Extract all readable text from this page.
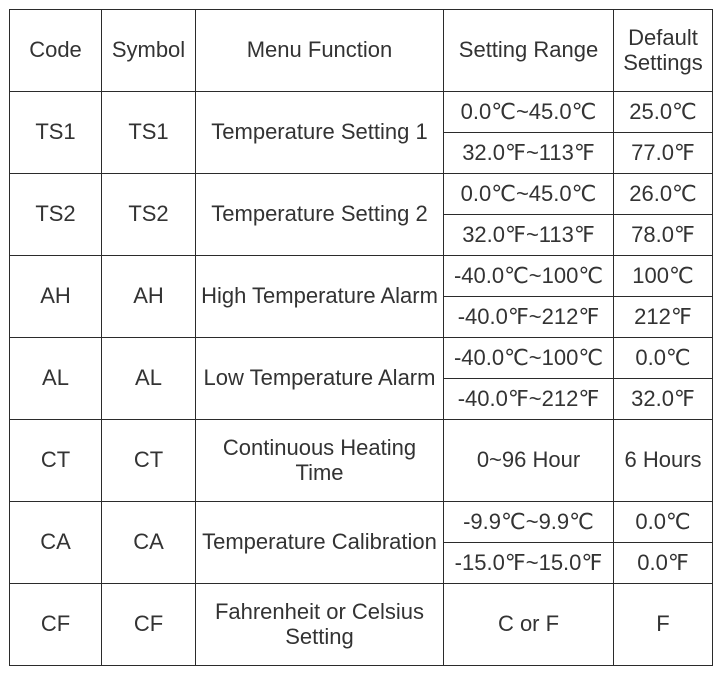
Code	Symbol	Menu Function	Setting Range	Default Settings
TS1	TS1	Temperature Setting 1	0.0℃~45.0℃	25.0℃
			32.0℉~113℉	77.0℉
TS2	TS2	Temperature Setting 2	0.0℃~45.0℃	26.0℃
			32.0℉~113℉	78.0℉
AH	AH	High Temperature Alarm	-40.0℃~100℃	100℃
			-40.0℉~212℉	212℉
AL	AL	Low Temperature Alarm	-40.0℃~100℃	0.0℃
			-40.0℉~212℉	32.0℉
CT	CT	Continuous Heating Time	0~96 Hour	6 Hours
CA	CA	Temperature Calibration	-9.9℃~9.9℃	0.0℃
			-15.0℉~15.0℉	0.0℉
CF	CF	Fahrenheit or Celsius Setting	C or F	F
